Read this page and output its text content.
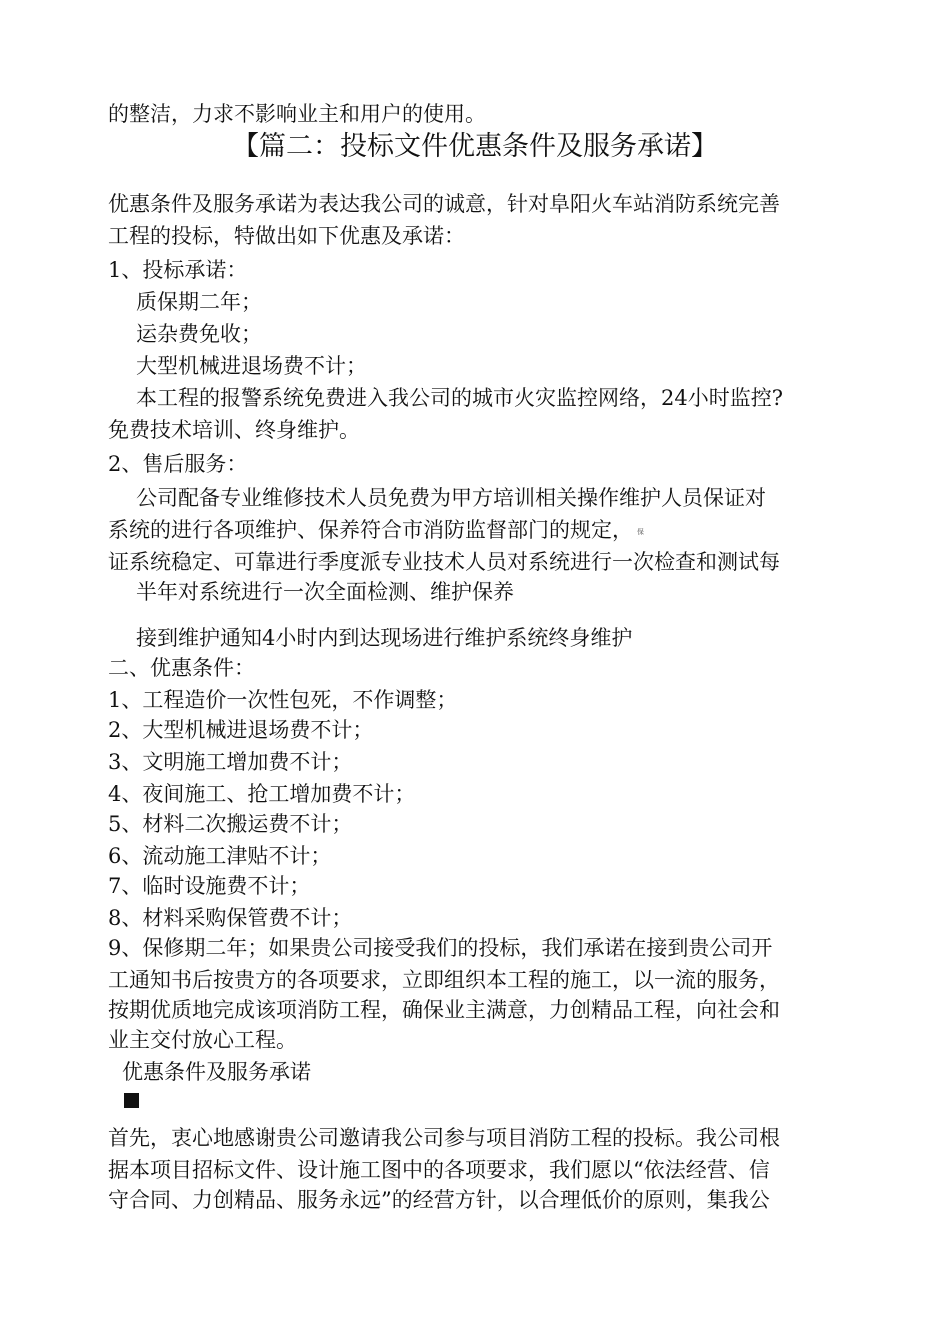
的整洁，力求不影响业主和用户的使用。
【篇二：投标文件优惠条件及服务承诺】
优惠条件及服务承诺为表达我公司的诚意，针对阜阳火车站消防系统完善
工程的投标，特做出如下优惠及承诺：
1、投标承诺：
质保期二年；
运杂费免收；
大型机械进退场费不计；
本工程的报警系统免费进入我公司的城市火灾监控网络，24小时监控?
免费技术培训、终身维护。
2、售后服务：
公司配备专业维修技术人员免费为甲方培训相关操作维护人员保证对
系统的进行各项维护、保养符合市消防监督部门的规定， 保
证系统稳定、可靠进行季度派专业技术人员对系统进行一次检查和测试每
半年对系统进行一次全面检测、维护保养
接到维护通知4小时内到达现场进行维护系统终身维护
二、优惠条件：
1、工程造价一次性包死，不作调整；
2、大型机械进退场费不计；
3、文明施工增加费不计；
4、夜间施工、抢工增加费不计；
5、材料二次搬运费不计；
6、流动施工津贴不计；
7、临时设施费不计；
8、材料采购保管费不计；
9、保修期二年；如果贵公司接受我们的投标，我们承诺在接到贵公司开
工通知书后按贵方的各项要求，立即组织本工程的施工，以一流的服务，
按期优质地完成该项消防工程，确保业主满意，力创精品工程，向社会和
业主交付放心工程。
优惠条件及服务承诺
首先，衷心地感谢贵公司邀请我公司参与项目消防工程的投标。我公司根
据本项目招标文件、设计施工图中的各项要求，我们愿以“依法经营、信
守合同、力创精品、服务永远”的经营方针，以合理低价的原则，集我公
